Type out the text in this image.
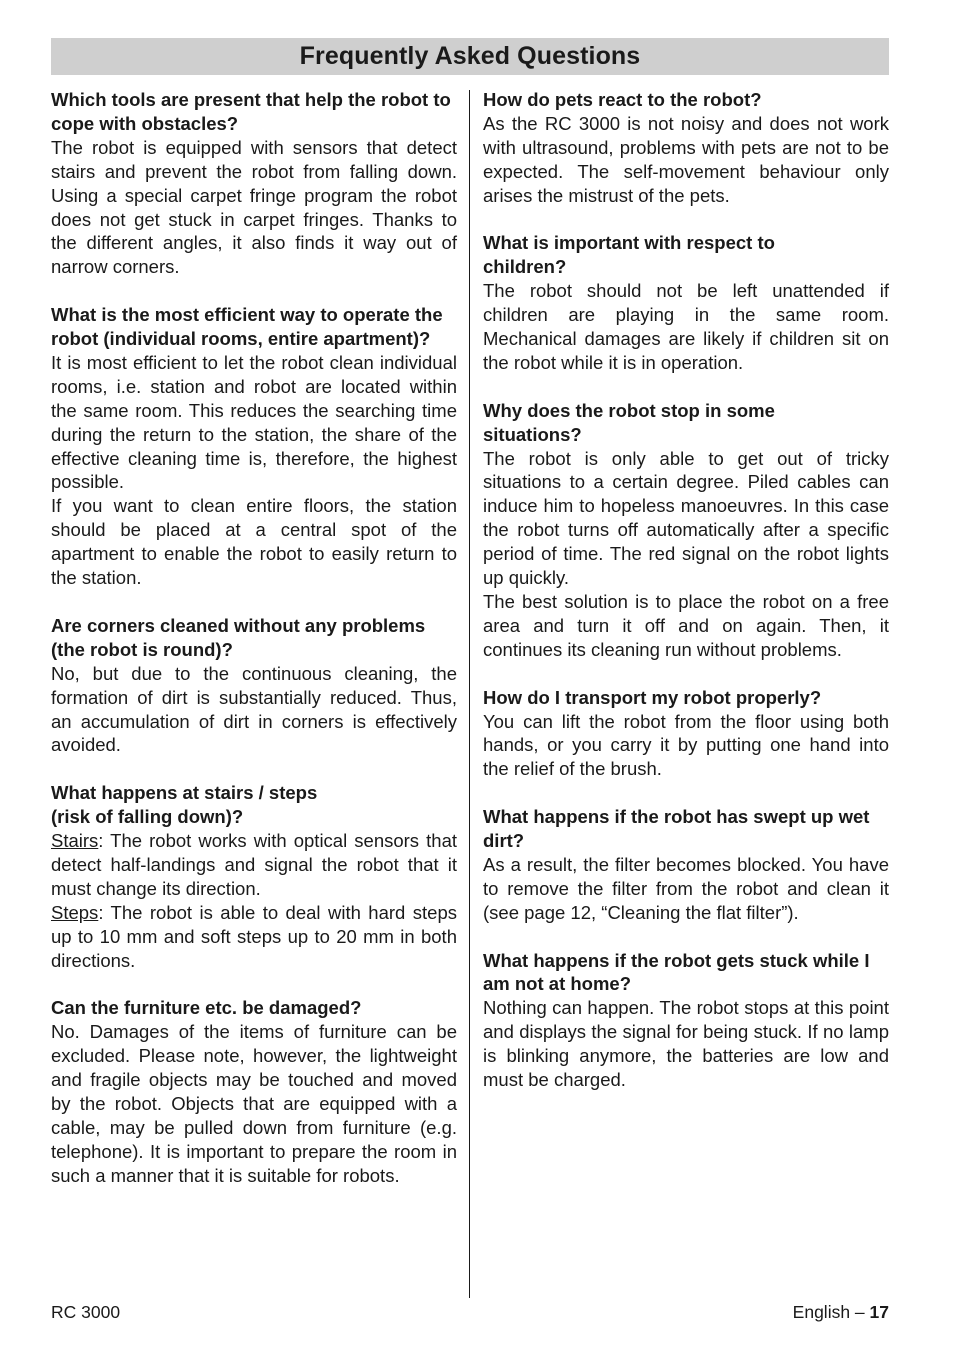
Frequently Asked Questions

Which tools are present that help the robot to cope with obstacles?

The robot is equipped with sensors that detect stairs and prevent the robot from falling down. Using a special carpet fringe program the robot does not get stuck in carpet fringes. Thanks to the different angles, it also finds it way out of narrow corners.

What is the most efficient way to operate the robot (individual rooms, entire apartment)?

It is most efficient to let the robot clean individual rooms, i.e. station and robot are located within the same room. This reduces the searching time during the return to the station, the share of the effective cleaning time is, therefore, the highest possible.

If you want to clean entire floors, the station should be placed at a central spot of the apartment to enable the robot to easily return to the station.

Are corners cleaned without any problems (the robot is round)?

No, but due to the continuous cleaning, the formation of dirt is substantially reduced. Thus, an accumulation of dirt in corners is effectively avoided.

What happens at stairs / steps
(risk of falling down)?

Stairs: The robot works with optical sensors that detect half-landings and signal the robot that it must change its direction.

Steps: The robot is able to deal with hard steps up to 10 mm and soft steps up to 20 mm in both directions.

Can the furniture etc. be damaged?

No. Damages of the items of furniture can be excluded. Please note, however, the lightweight and fragile objects may be touched and moved by the robot. Objects that are equipped with a cable, may be pulled down from furniture (e.g. telephone). It is important to prepare the room in such a manner that it is suitable for robots.

How do pets react to the robot?

As the RC 3000 is not noisy and does not work with ultrasound, problems with pets are not to be expected. The self-movement behaviour only arises the mistrust of the pets.

What is important with respect to
children?

The robot should not be left unattended if children are playing in the same room. Mechanical damages are likely if children sit on the robot while it is in operation.

Why does the robot stop in some
situations?

The robot is only able to get out of tricky situations to a certain degree. Piled cables can induce him to hopeless manoeuvres. In this case the robot turns off automatically after a specific period of time. The red signal on the robot lights up quickly.

The best solution is to place the robot on a free area and turn it off and on again. Then, it continues its cleaning run without problems.

How do I transport my robot properly?

You can lift the robot from the floor using both hands, or you carry it by putting one hand into the relief of the brush.

What happens if the robot has swept up wet dirt?

As a result, the filter becomes blocked. You have to remove the filter from the robot and clean it (see page 12, “Cleaning the flat filter”).

What happens if the robot gets stuck while I am not at home?

Nothing can happen. The robot stops at this point and displays the signal for being stuck. If no lamp is blinking anymore, the batteries are low and must be charged.

RC 3000	English – 17
